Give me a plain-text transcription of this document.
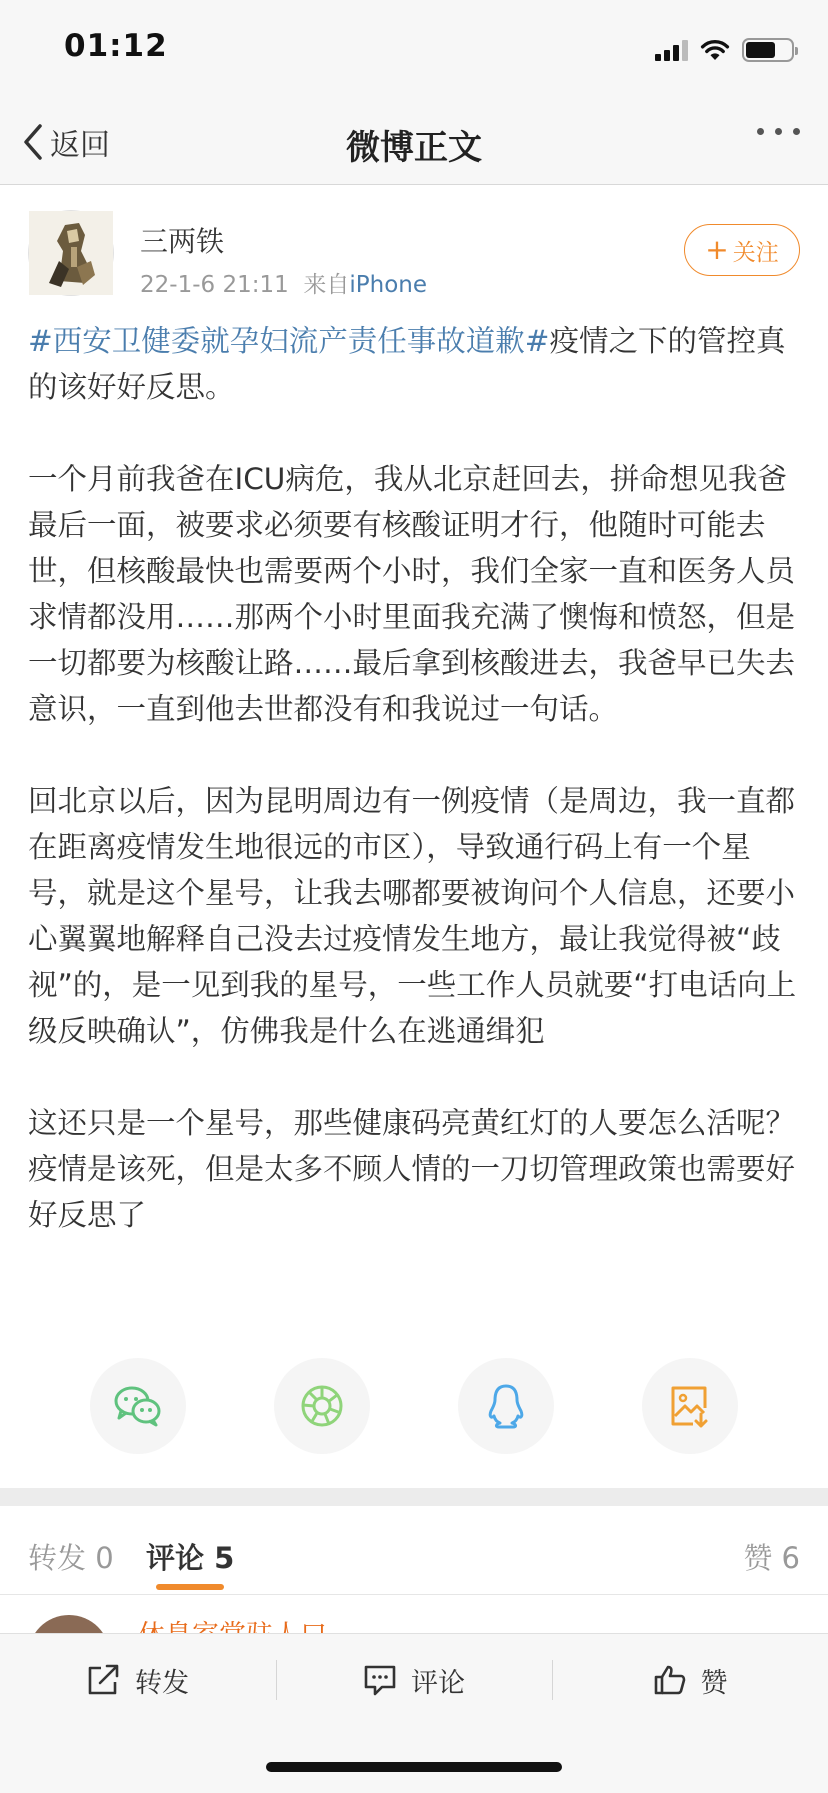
01:12
返回	微博正文
三两铁
22-1-6 21:11 来自iPhone
+ 关注

#西安卫健委就孕妇流产责任事故道歉#疫情之下的管控真的该好好反思。

一个月前我爸在ICU病危，我从北京赶回去，拼命想见我爸最后一面，被要求必须要有核酸证明才行，他随时可能去世，但核酸最快也需要两个小时，我们全家一直和医务人员求情都没用……那两个小时里面我充满了懊悔和愤怒，但是一切都要为核酸让路……最后拿到核酸进去，我爸早已失去意识，一直到他去世都没有和我说过一句话。

回北京以后，因为昆明周边有一例疫情（是周边，我一直都在距离疫情发生地很远的市区），导致通行码上有一个星号，就是这个星号，让我去哪都要被询问个人信息，还要小心翼翼地解释自己没去过疫情发生地方，最让我觉得被“歧视”的，是一见到我的星号，一些工作人员就要“打电话向上级反映确认”，仿佛我是什么在逃通缉犯

这还只是一个星号，那些健康码亮黄红灯的人要怎么活呢？疫情是该死，但是太多不顾人情的一刀切管理政策也需要好好反思了

转发 0 评论 5	赞 6
转发	评论	赞
